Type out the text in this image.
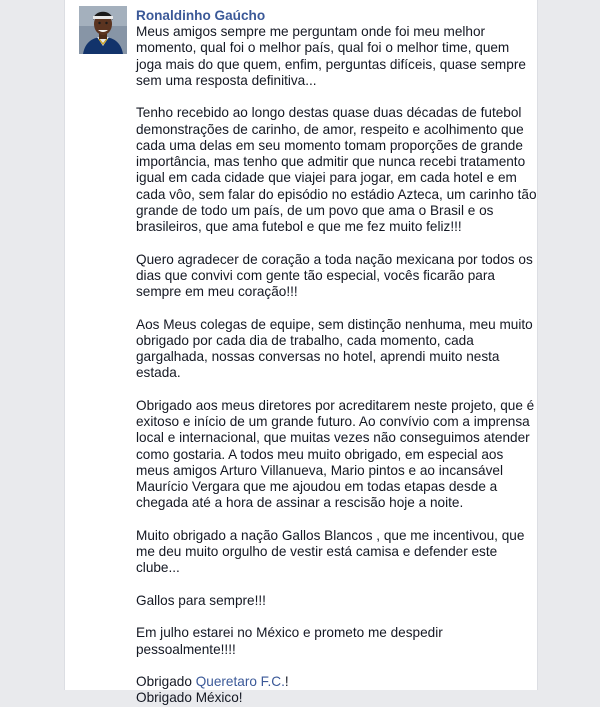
Ronaldinho Gaúcho

Meus amigos sempre me perguntam onde foi meu melhor
momento, qual foi o melhor país, qual foi o melhor time, quem
joga mais do que quem, enfim, perguntas difíceis, quase sempre
sem uma resposta definitiva...

Tenho recebido ao longo destas quase duas décadas de futebol
demonstrações de carinho, de amor, respeito e acolhimento que
cada uma delas em seu momento tomam proporções de grande
importância, mas tenho que admitir que nunca recebi tratamento
igual em cada cidade que viajei para jogar, em cada hotel e em
cada vôo, sem falar do episódio no estádio Azteca, um carinho tão
grande de todo um país, de um povo que ama o Brasil e os
brasileiros, que ama futebol e que me fez muito feliz!!!

Quero agradecer de coração a toda nação mexicana por todos os
dias que convivi com gente tão especial, vocês ficarão para
sempre em meu coração!!!

Aos Meus colegas de equipe, sem distinção nenhuma, meu muito
obrigado por cada dia de trabalho, cada momento, cada
gargalhada, nossas conversas no hotel, aprendi muito nesta
estada.

Obrigado aos meus diretores por acreditarem neste projeto, que é
exitoso e início de um grande futuro. Ao convívio com a imprensa
local e internacional, que muitas vezes não conseguimos atender
como gostaria. A todos meu muito obrigado, em especial aos
meus amigos Arturo Villanueva, Mario pintos e ao incansável
Maurício Vergara que me ajoudou em todas etapas desde a
chegada até a hora de assinar a rescisão hoje a noite.

Muito obrigado a nação Gallos Blancos , que me incentivou, que
me deu muito orgulho de vestir está camisa e defender este
clube...

Gallos para sempre!!!

Em julho estarei no México e prometo me despedir
pessoalmente!!!!

Obrigado Queretaro F.C.!
Obrigado México!
